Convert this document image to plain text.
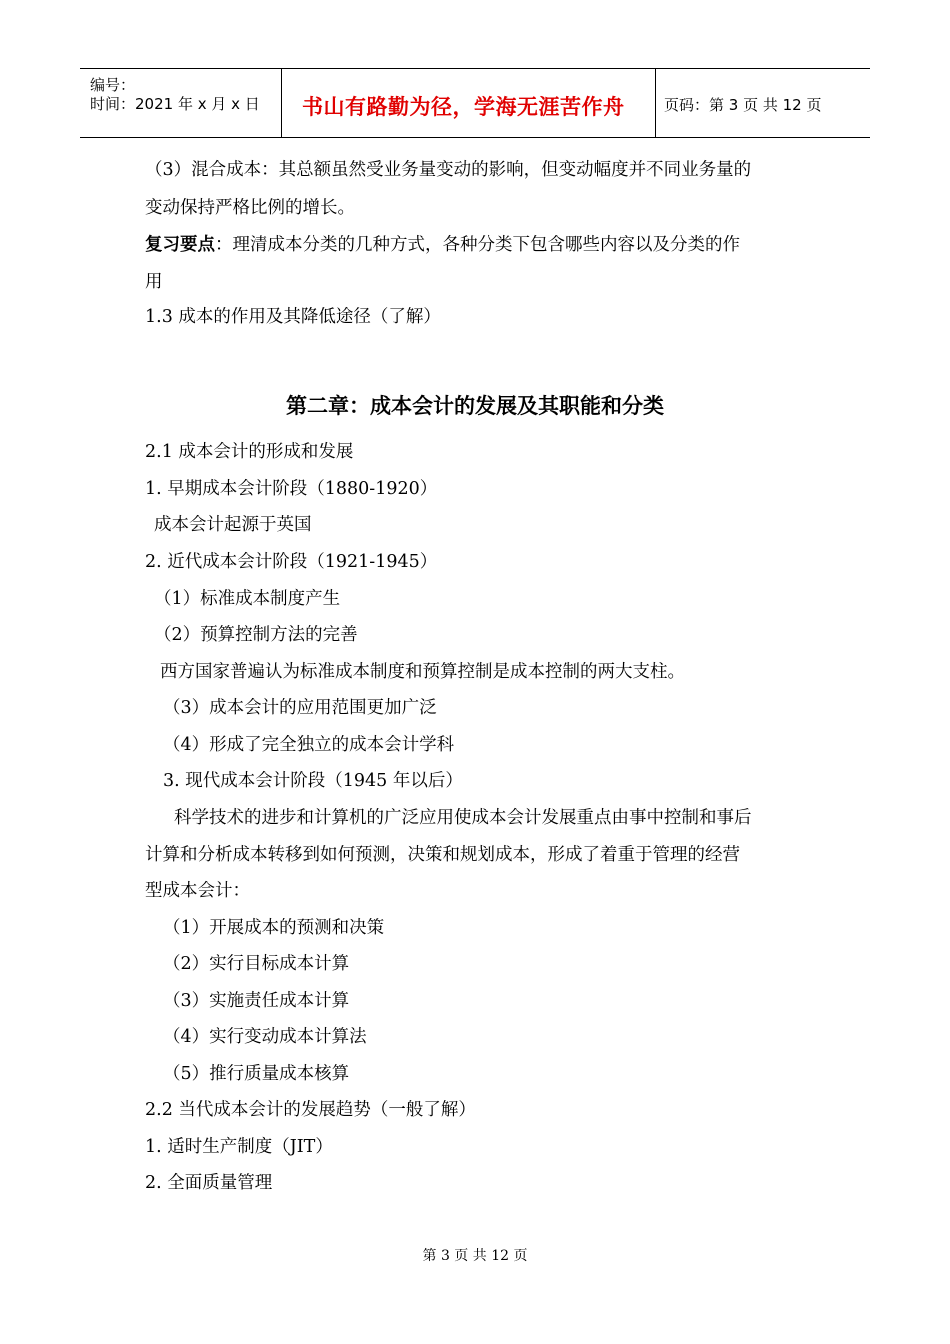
编号：
时间：2021 年 x 月 x 日 书山有路勤为径，学海无涯苦作舟	页码：第 3 页 共 12 页
（3）混合成本：其总额虽然受业务量变动的影响，但变动幅度并不同业务量的
变动保持严格比例的增长。
复习要点：理清成本分类的几种方式，各种分类下包含哪些内容以及分类的作
用
1.3 成本的作用及其降低途径（了解）
第二章：成本会计的发展及其职能和分类
2.1 成本会计的形成和发展
1. 早期成本会计阶段（1880-1920）
成本会计起源于英国
2. 近代成本会计阶段（1921-1945）
（1）标准成本制度产生
（2）预算控制方法的完善
西方国家普遍认为标准成本制度和预算控制是成本控制的两大支柱。
（3）成本会计的应用范围更加广泛
（4）形成了完全独立的成本会计学科
3. 现代成本会计阶段（1945 年以后）
科学技术的进步和计算机的广泛应用使成本会计发展重点由事中控制和事后
计算和分析成本转移到如何预测，决策和规划成本，形成了着重于管理的经营
型成本会计：
（1）开展成本的预测和决策
（2）实行目标成本计算
（3）实施责任成本计算
（4）实行变动成本计算法
（5）推行质量成本核算
2.2 当代成本会计的发展趋势（一般了解）
1. 适时生产制度（JIT）
2. 全面质量管理
第 3 页 共 12 页
